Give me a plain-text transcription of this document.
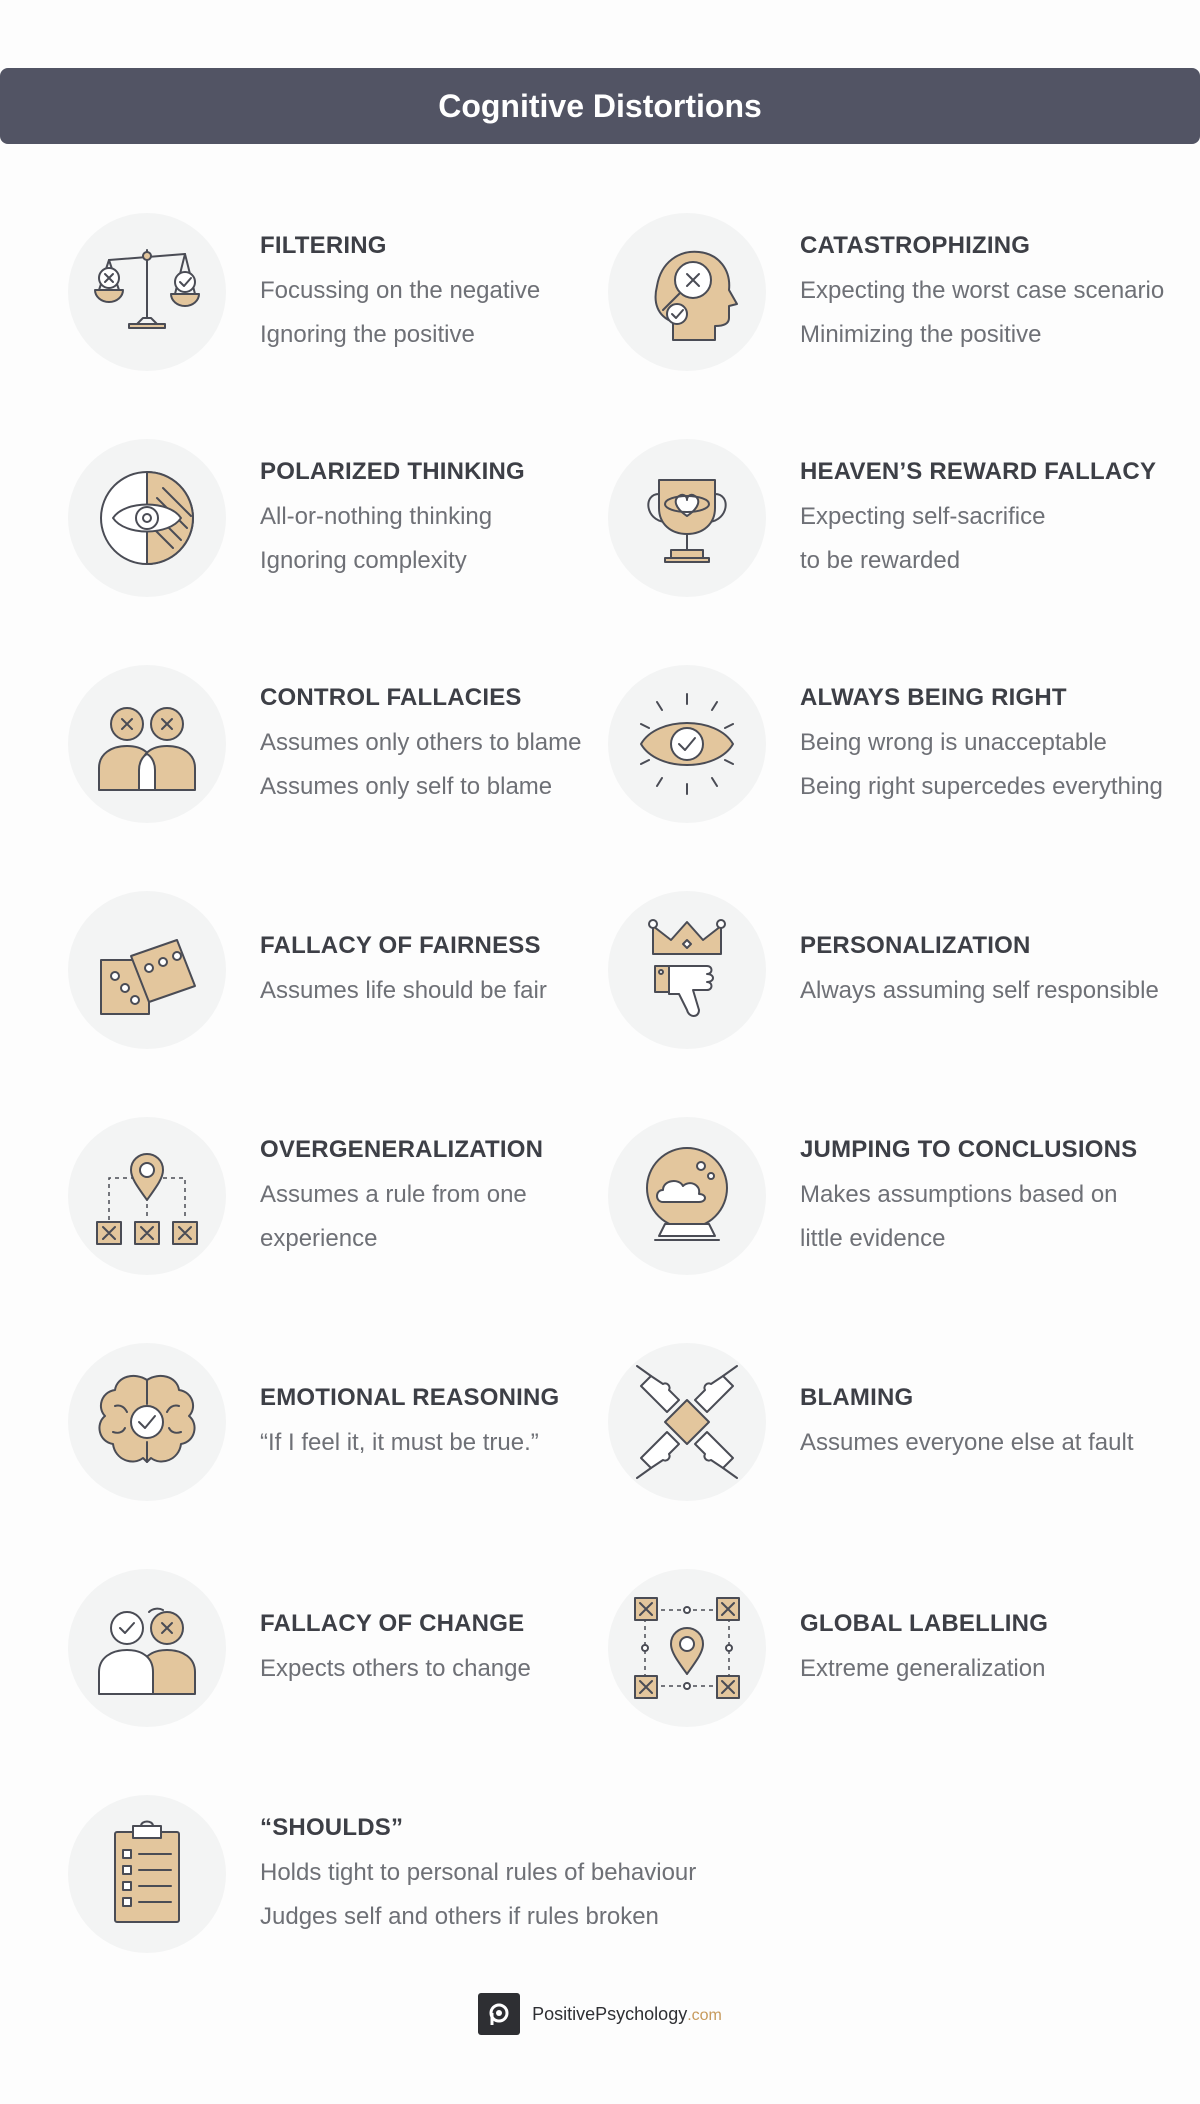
Cognitive Distortions
FILTERING
Focussing on the negative
Ignoring the positive
CATASTROPHIZING
Expecting the worst case scenario
Minimizing the positive
POLARIZED THINKING
All-or-nothing thinking
Ignoring complexity
HEAVEN’S REWARD FALLACY
Expecting self-sacrifice
to be rewarded
CONTROL FALLACIES
Assumes only others to blame
Assumes only self to blame
ALWAYS BEING RIGHT
Being wrong is unacceptable
Being right supercedes everything
FALLACY OF FAIRNESS
Assumes life should be fair
PERSONALIZATION
Always assuming self responsible
OVERGENERALIZATION
Assumes a rule from one
experience
JUMPING TO CONCLUSIONS
Makes assumptions based on
little evidence
EMOTIONAL REASONING
“If I feel it, it must be true.”
BLAMING
Assumes everyone else at fault
FALLACY OF CHANGE
Expects others to change
GLOBAL LABELLING
Extreme generalization
“SHOULDS”
Holds tight to personal rules of behaviour
Judges self and others if rules broken
PositivePsychology.com
